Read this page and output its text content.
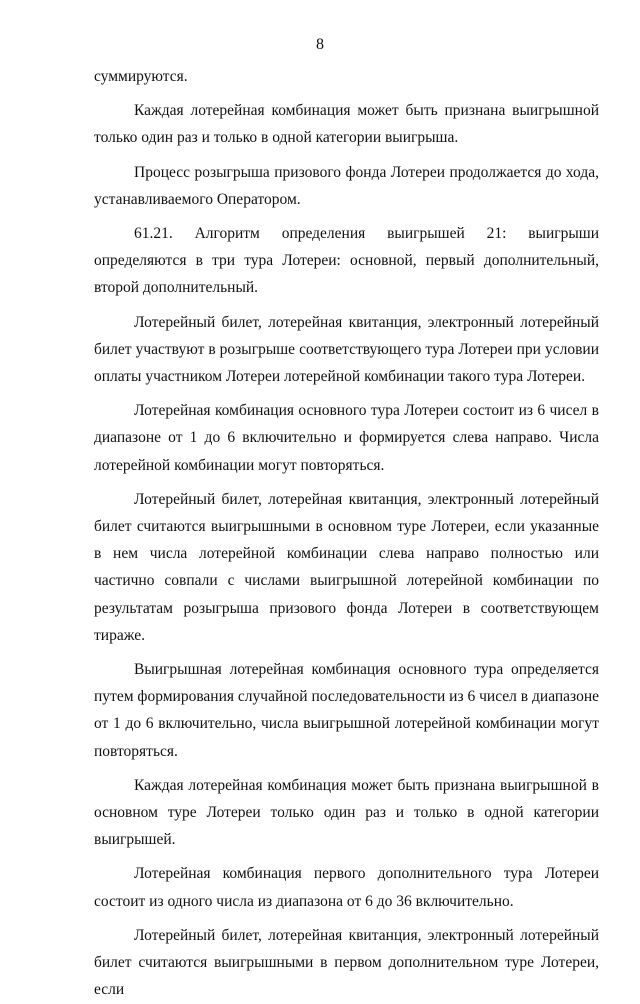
8

суммируются.

Каждая лотерейная комбинация может быть признана выигрышной только один раз и только в одной категории выигрыша.

Процесс розыгрыша призового фонда Лотереи продолжается до хода, устанавливаемого Оператором.

61.21. Алгоритм определения выигрышей 21: выигрыши определяются в три тура Лотереи: основной, первый дополнительный, второй дополнительный.

Лотерейный билет, лотерейная квитанция, электронный лотерейный билет участвуют в розыгрыше соответствующего тура Лотереи при условии оплаты участником Лотереи лотерейной комбинации такого тура Лотереи.

Лотерейная комбинация основного тура Лотереи состоит из 6 чисел в диапазоне от 1 до 6 включительно и формируется слева направо. Числа лотерейной комбинации могут повторяться.

Лотерейный билет, лотерейная квитанция, электронный лотерейный билет считаются выигрышными в основном туре Лотереи, если указанные в нем числа лотерейной комбинации слева направо полностью или частично совпали с числами выигрышной лотерейной комбинации по результатам розыгрыша призового фонда Лотереи в соответствующем тираже.

Выигрышная лотерейная комбинация основного тура определяется путем формирования случайной последовательности из 6 чисел в диапазоне от 1 до 6 включительно, числа выигрышной лотерейной комбинации могут повторяться.

Каждая лотерейная комбинация может быть признана выигрышной в основном туре Лотереи только один раз и только в одной категории выигрышей.

Лотерейная комбинация первого дополнительного тура Лотереи состоит из одного числа из диапазона от 6 до 36 включительно.

Лотерейный билет, лотерейная квитанция, электронный лотерейный билет считаются выигрышными в первом дополнительном туре Лотереи, если
